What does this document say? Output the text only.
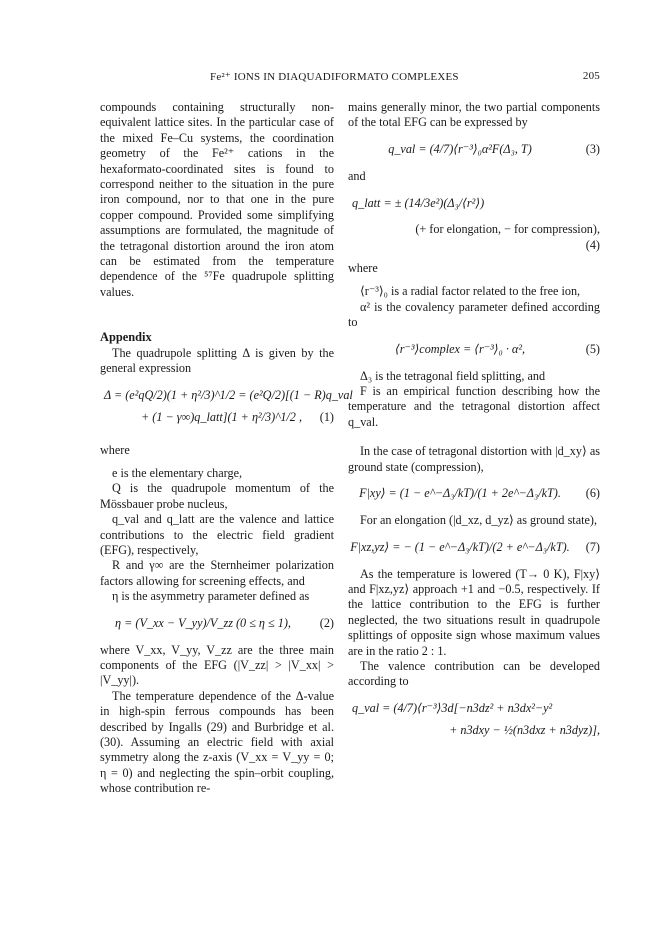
Fe²⁺ IONS IN DIAQUADIFORMATO COMPLEXES	205

compounds containing structurally non-equivalent lattice sites. In the particular case of the mixed Fe–Cu systems, the coordination geometry of the Fe²⁺ cations in the hexaformato-coordinated sites is found to correspond neither to the situation in the pure iron compound, nor to that one in the pure copper compound. Provided some simplifying assumptions are formulated, the magnitude of the tetragonal distortion around the iron atom can be estimated from the temperature dependence of the ⁵⁷Fe quadrupole splitting values.

Appendix

The quadrupole splitting Δ is given by the general expression

Δ = (e²qQ/2)(1 + η²/3)^1/2 = (e²Q/2)[(1 − R)q_val
+ (1 − γ∞)q_latt](1 + η²/3)^1/2 ,	(1)

where

e is the elementary charge,

Q is the quadrupole momentum of the Mössbauer probe nucleus,

q_val and q_latt are the valence and lattice contributions to the electric field gradient (EFG), respectively,

R and γ∞ are the Sternheimer polarization factors allowing for screening effects, and

η is the asymmetry parameter defined as

η = (V_xx − V_yy)/V_zz (0 ≤ η ≤ 1),	(2)

where V_xx, V_yy, V_zz are the three main components of the EFG (|V_zz| > |V_xx| > |V_yy|).

The temperature dependence of the Δ-value in high-spin ferrous compounds has been described by Ingalls (29) and Burbridge et al. (30). Assuming an electric field with axial symmetry along the z-axis (V_xx = V_yy = 0; η = 0) and neglecting the spin–orbit coupling, whose contribution re-

mains generally minor, the two partial components of the total EFG can be expressed by

q_val = (4/7)⟨r⁻³⟩₀α²F(Δ₃, T)	(3)

and

q_latt = ± (14/3e²)(Δ₃/⟨r²⟩)

(+ for elongation, − for compression),

(4)

where

⟨r⁻³⟩₀ is a radial factor related to the free ion,

α² is the covalency parameter defined according to

⟨r⁻³⟩complex = ⟨r⁻³⟩₀ · α²,	(5)

Δ₃ is the tetragonal field splitting, and

F is an empirical function describing how the temperature and the tetragonal distortion affect q_val.

In the case of tetragonal distortion with |d_xy⟩ as ground state (compression),

F|xy⟩ = (1 − e^−Δ₃/kT)/(1 + 2e^−Δ₃/kT).	(6)

For an elongation (|d_xz, d_yz⟩ as ground state),

F|xz,yz⟩ = − (1 − e^−Δ₃/kT)/(2 + e^−Δ₃/kT).	(7)

As the temperature is lowered (T→ 0 K), F|xy⟩ and F|xz,yz⟩ approach +1 and −0.5, respectively. If the lattice contribution to the EFG is further neglected, the two situations result in quadrupole splittings of opposite sign whose maximum values are in the ratio 2 : 1.

The valence contribution can be developed according to

q_val = (4/7)⟨r⁻³⟩3d[−n3dz² + n3dx²−y²
+ n3dxy − ½(n3dxz + n3dyz)],
